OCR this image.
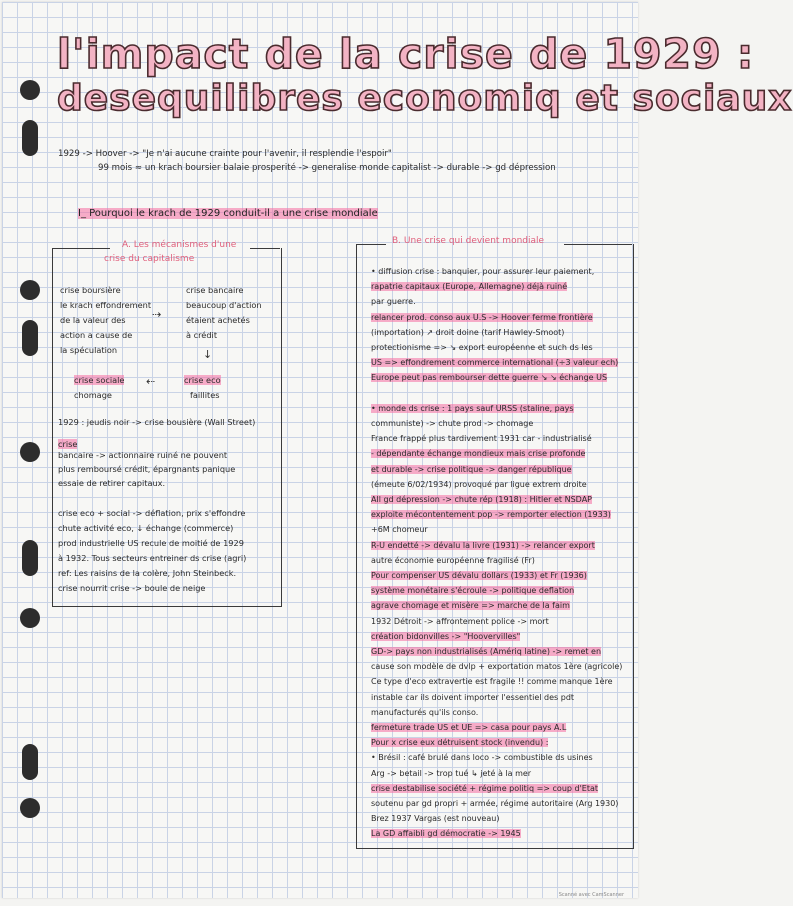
l'impact de la crise de 1929 :
desequilibres economiq et sociaux
1929 -> Hoover -> "Je n'ai aucune crainte pour l'avenir, il resplendie l'espoir"
99 mois ≈ un krach boursier balaie prosperité -> generalise monde capitalist -> durable -> gd dépression
I_ Pourquoi le krach de 1929 conduit-il a une crise mondiale
A. Les mécanismes d'une
crise du capitalisme
crise boursière
le krach effondrement
de la valeur des
action a cause de
la spéculation
⇢
crise bancaire
beaucoup d'action
étaient achetés
à crédit
↓
crise sociale
chomage
⇠	crise eco
faillites
1929 : jeudis noir -> crise bousière (Wall Street)
crise
bancaire -> actionnaire ruiné ne pouvent
plus remboursé crédit, épargnants panique
essaie de retirer capitaux.
crise eco + social -> déflation, prix s'effondre
chute activité eco, ↓ échange (commerce)
prod industrielle US recule de moitié de 1929
à 1932. Tous secteurs entreiner ds crise (agri)
ref: Les raisins de la colère, John Steinbeck.
crise nourrit crise -> boule de neige
B. Une crise qui devient mondiale
• diffusion crise : banquier, pour assurer leur paiement,
rapatrie capitaux (Europe, Allemagne) déjà ruiné
par guerre.
relancer prod. conso aux U.S -> Hoover ferme frontière
(importation) ↗ droit doine (tarif Hawley-Smoot)
protectionisme => ↘ export européenne et such ds les
US => effondrement commerce international (÷3 valeur ech)
Europe peut pas rembourser dette guerre ↘ ↘ échange US
• monde ds crise : 1 pays sauf URSS (staline, pays
communiste) -> chute prod -> chomage
France frappé plus tardivement 1931 car - industrialisé
- dépendante échange mondieux mais crise profonde
et durable -> crise politique -> danger république
(émeute 6/02/1934) provoqué par ligue extrem droite
All gd dépression -> chute rép (1918) : Hitler et NSDAP
exploite mécontentement pop -> remporter election (1933)
+6M chomeur
R-U endetté -> dévalu la livre (1931) -> relancer export
autre économie européenne fragilisé (Fr)
Pour compenser US dévalu dollars (1933) et Fr (1936)
système monétaire s'écroule -> politique deflation
agrave chomage et misère => marche de la faim
1932 Détroit -> affrontement police -> mort
création bidonvilles -> "Hoovervilles"
GD-> pays non industrialisés (Amériq latine) -> remet en
cause son modèle de dvlp + exportation matos 1ère (agricole)
Ce type d'eco extravertie est fragile !! comme manque 1ère
instable car ils doivent importer l'essentiel des pdt
manufacturés qu'ils conso.
fermeture trade US et UE => casa pour pays A.L
Pour x crise eux détruisent stock (invendu) :
• Brésil : café brulé dans loco -> combustible ds usines
Arg -> betail -> trop tué ↳ jeté à la mer
crise destabilise société + régime politiq => coup d'Etat
soutenu par gd propri + armée, régime autoritaire (Arg 1930)
Brez 1937 Vargas (est nouveau)
La GD affaibli gd démocratie -> 1945
Scanné avec CamScanner
